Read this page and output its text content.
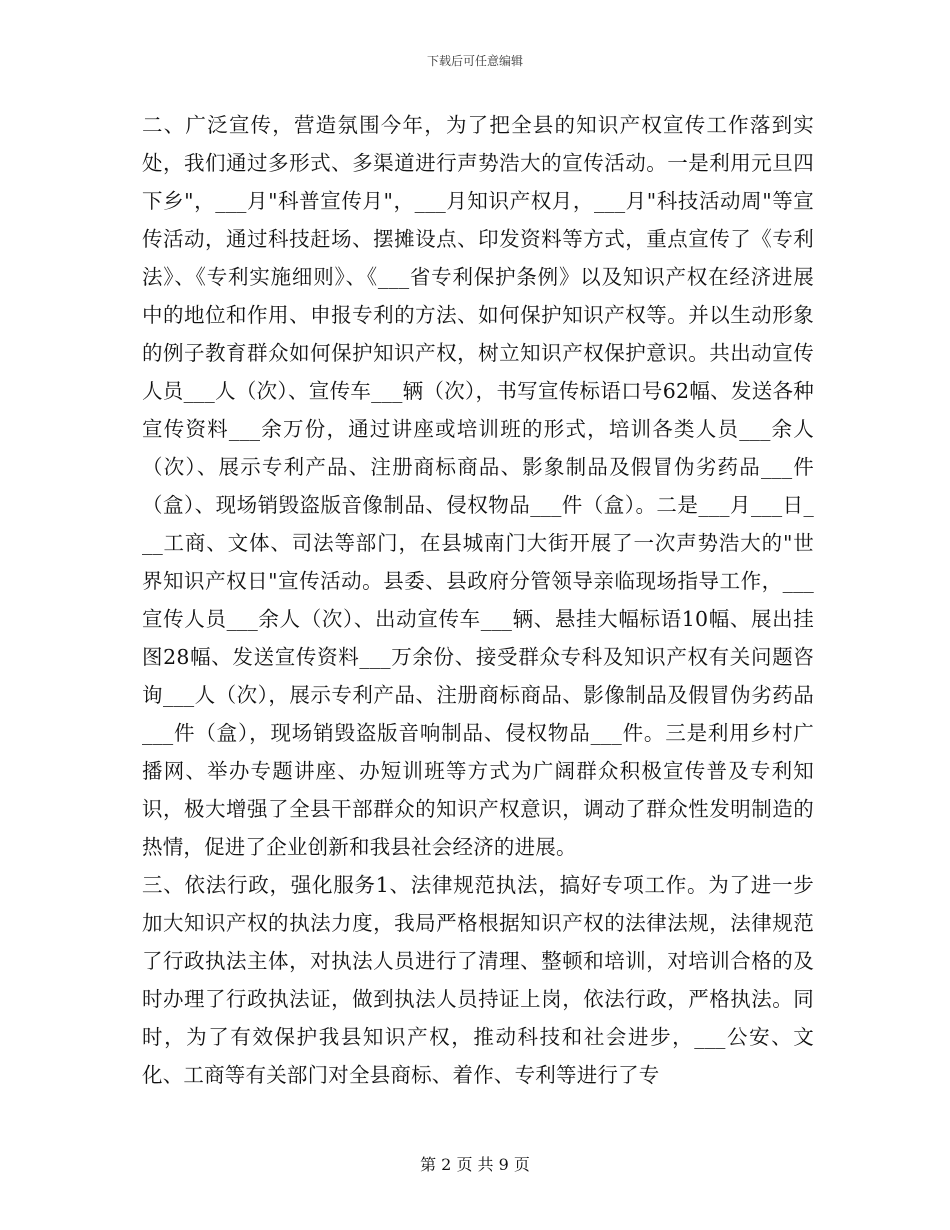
下载后可任意编辑

二、广泛宣传，营造氛围今年，为了把全县的知识产权宣传工作落到实处，我们通过多形式、多渠道进行声势浩大的宣传活动。一是利用元旦四下乡"，___月"科普宣传月"，___月知识产权月，___月"科技活动周"等宣传活动，通过科技赶场、摆摊设点、印发资料等方式，重点宣传了《专利法》、《专利实施细则》、《___省专利保护条例》以及知识产权在经济进展中的地位和作用、申报专利的方法、如何保护知识产权等。并以生动形象的例子教育群众如何保护知识产权，树立知识产权保护意识。共出动宣传人员___人（次）、宣传车___辆（次），书写宣传标语口号62幅、发送各种宣传资料___余万份，通过讲座或培训班的形式，培训各类人员___余人（次）、展示专利产品、注册商标商品、影象制品及假冒伪劣药品___件（盒）、现场销毁盗版音像制品、侵权物品___件（盒）。二是___月___日___工商、文体、司法等部门，在县城南门大街开展了一次声势浩大的"世界知识产权日"宣传活动。县委、县政府分管领导亲临现场指导工作，___宣传人员___余人（次）、出动宣传车___辆、悬挂大幅标语10幅、展出挂图28幅、发送宣传资料___万余份、接受群众专科及知识产权有关问题咨询___人（次），展示专利产品、注册商标商品、影像制品及假冒伪劣药品___件（盒），现场销毁盗版音响制品、侵权物品___件。三是利用乡村广播网、举办专题讲座、办短训班等方式为广阔群众积极宣传普及专利知识，极大增强了全县干部群众的知识产权意识，调动了群众性发明制造的热情，促进了企业创新和我县社会经济的进展。

三、依法行政，强化服务1、法律规范执法，搞好专项工作。为了进一步加大知识产权的执法力度，我局严格根据知识产权的法律法规，法律规范了行政执法主体，对执法人员进行了清理、整顿和培训，对培训合格的及时办理了行政执法证，做到执法人员持证上岗，依法行政，严格执法。同时，为了有效保护我县知识产权，推动科技和社会进步，___公安、文化、工商等有关部门对全县商标、着作、专利等进行了专

第 2 页 共 9 页
